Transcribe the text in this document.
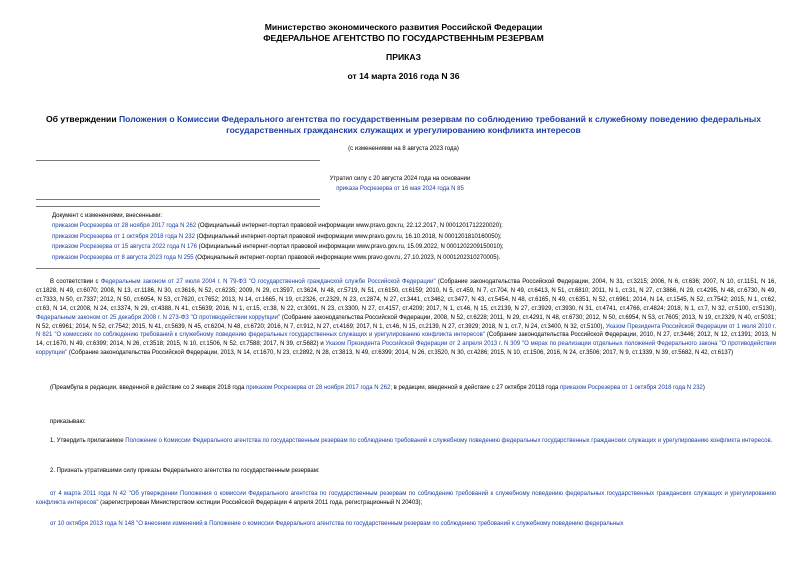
Министерство экономического развития Российской Федерации
ФЕДЕРАЛЬНОЕ АГЕНТСТВО ПО ГОСУДАРСТВЕННЫМ РЕЗЕРВАМ
ПРИКАЗ
от 14 марта 2016 года N 36
Об утверждении Положения о Комиссии Федерального агентства по государственным резервам по соблюдению требований к служебному поведению федеральных государственных гражданских служащих и урегулированию конфликта интересов
(с изменениями на 8 августа 2023 года)
Утратил силу с 20 августа 2024 года на основании
приказа Росрезерва от 16 мая 2024 года N 85
Документ с изменениями, внесенными:
приказом Росрезерва от 28 ноября 2017 года N 262 (Официальный интернет-портал правовой информации www.pravo.gov.ru, 22.12.2017, N 0001201712220020);
приказом Росрезерва от 1 октября 2018 года N 232 (Официальный интернет-портал правовой информации www.pravo.gov.ru, 16.10.2018, N 0001201810160050);
приказом Росрезерва от 15 августа 2022 года N 176 (Официальный интернет-портал правовой информации www.pravo.gov.ru, 15.09.2022, N 0001202209150010);
приказом Росрезерва от 8 августа 2023 года N 255 (Официальный интернет-портал правовой информации www.pravo.gov.ru, 27.10.2023, N 0001202310270005).

В соответствии с Федеральным законом от 27 июля 2004 г. N 79-ФЗ "О государственной гражданской службе Российской Федерации" (Собрание законодательства Российской Федерации, 2004, N 31, ст.3215; 2006, N 6, ст.636; 2007, N 10, ст.1151, N 16, ст.1828, N 49, ст.6070; 2008, N 13, ст.1186, N 30, ст.3616, N 52, ст.6235; 2009, N 29, ст.3597, ст.3624, N 48, ст.5719, N 51, ст.6150, ст.6159; 2010, N 5, ст.459, N 7, ст.704, N 49, ст.6413, N 51, ст.6810; 2011, N 1, ст.31, N 27, ст.3866, N 29, ст.4295, N 48, ст.6730, N 49, ст.7333, N 50, ст.7337; 2012, N 50, ст.6954, N 53, ст.7620, ст.7652; 2013, N 14, ст.1665, N 19, ст.2326, ст.2329, N 23, ст.2874, N 27, ст.3441, ст.3462, ст.3477, N 43, ст.5454, N 48, ст.6165, N 49, ст.6351, N 52, ст.6961; 2014, N 14, ст.1545, N 52, ст.7542; 2015, N 1, ст.62, ст.63, N 14, ст.2008, N 24, ст.3374, N 29, ст.4388, N 41, ст.5639; 2016, N 1, ст.15, ст.38, N 22, ст.3091, N 23, ст.3300, N 27, ст.4157, ст.4209; 2017, N 1, ст.46, N 15, ст.2139, N 27, ст.3929, ст.3930, N 31, ст.4741, ст.4766, ст.4824; 2018, N 1, ст.7, N 32, ст.5100, ст.5130), Федеральным законом от 25 декабря 2008 г. N 273-ФЗ "О противодействии коррупции" (Собрание законодательства Российской Федерации, 2008, N 52, ст.6228; 2011, N 29, ст.4291, N 48, ст.6730; 2012, N 50, ст.6954, N 53, ст.7605; 2013, N 19, ст.2329, N 40, ст.5031; N 52, ст.6961; 2014, N 52, ст.7542; 2015, N 41, ст.5639, N 45, ст.6204, N 48, ст.6720; 2016, N 7, ст.912, N 27, ст.4169; 2017, N 1, ст.46, N 15, ст.2139, N 27, ст.3929; 2018, N 1, ст.7, N 24, ст.3400, N 32, ст.5100), Указом Президента Российской Федерации от 1 июля 2010 г. N 821 "О комиссиях по соблюдению требований к служебному поведению федеральных государственных служащих и урегулированию конфликта интересов" (Собрание законодательства Российской Федерации, 2010, N 27, ст.3446; 2012, N 12, ст.1391; 2013, N 14, ст.1670, N 49, ст.6399; 2014, N 26, ст.3518; 2015, N 10, ст.1506, N 52, ст.7588; 2017, N 39, ст.5682) и Указом Президента Российской Федерации от 2 апреля 2013 г. N 309 "О мерах по реализации отдельных положений Федерального закона "О противодействии коррупции" (Собрание законодательства Российской Федерации, 2013, N 14, ст.1670, N 23, ст.2892, N 28, ст.3813, N 49, ст.6399; 2014, N 26, ст.3520, N 30, ст.4286; 2015, N 10, ст.1506, 2016, N 24, ст.3506; 2017, N 9, ст.1339, N 39, ст.5682, N 42, ст.6137)

(Преамбула в редакции, введенной в действие со 2 января 2018 года приказом Росрезерва от 28 ноября 2017 года N 262; в редакции, введенной в действие с 27 октября 20118 года приказом Росрезерва от 1 октября 2018 года N 232)

приказываю:

1. Утвердить прилагаемое Положение о Комиссии Федерального агентства по государственным резервам по соблюдению требований к служебному поведению федеральных государственных гражданских служащих и урегулированию конфликта интересов.

2. Признать утратившими силу приказы Федерального агентства по государственным резервам:

от 4 марта 2011 года N 42 "Об утверждении Положения о комиссии Федерального агентства по государственным резервам по соблюдению требований к служебному поведению федеральных государственных гражданских служащих и урегулированию конфликта интересов" (зарегистрирован Министерством юстиции Российской Федерации 4 апреля 2011 года, регистрационный N 20403);

от 10 октября 2013 года N 148 "О внесении изменений в Положение о комиссии Федерального агентства по государственным резервам по соблюдению требований к служебному поведению федеральных
